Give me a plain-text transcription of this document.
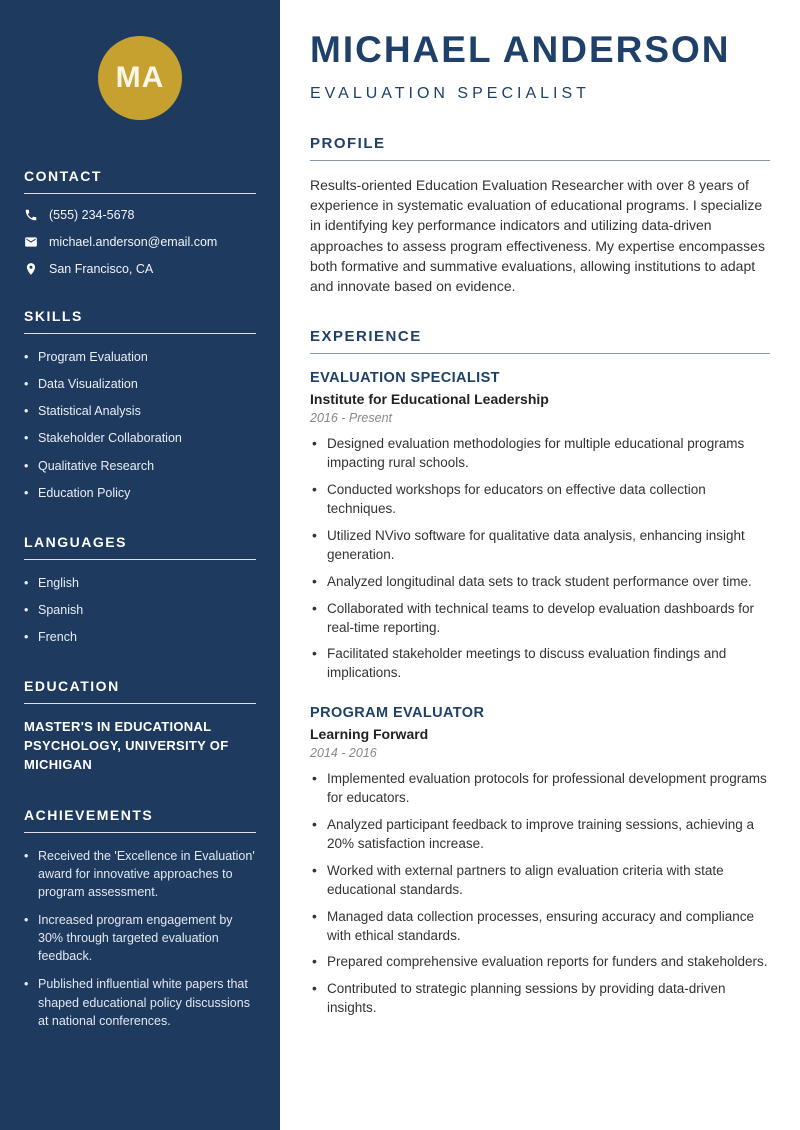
MA
CONTACT
(555) 234-5678
michael.anderson@email.com
San Francisco, CA
SKILLS
• Program Evaluation
• Data Visualization
• Statistical Analysis
• Stakeholder Collaboration
• Qualitative Research
• Education Policy
LANGUAGES
• English
• Spanish
• French
EDUCATION
MASTER'S IN EDUCATIONAL PSYCHOLOGY, UNIVERSITY OF MICHIGAN
ACHIEVEMENTS
• Received the 'Excellence in Evaluation' award for innovative approaches to program assessment.
• Increased program engagement by 30% through targeted evaluation feedback.
• Published influential white papers that shaped educational policy discussions at national conferences.
MICHAEL ANDERSON
EVALUATION SPECIALIST
PROFILE

Results-oriented Education Evaluation Researcher with over 8 years of experience in systematic evaluation of educational programs. I specialize in identifying key performance indicators and utilizing data-driven approaches to assess program effectiveness. My expertise encompasses both formative and summative evaluations, allowing institutions to adapt and innovate based on evidence.

EXPERIENCE
EVALUATION SPECIALIST
Institute for Educational Leadership
2016 - Present
• Designed evaluation methodologies for multiple educational programs impacting rural schools.
• Conducted workshops for educators on effective data collection techniques.
• Utilized NVivo software for qualitative data analysis, enhancing insight generation.
• Analyzed longitudinal data sets to track student performance over time.
• Collaborated with technical teams to develop evaluation dashboards for real-time reporting.
• Facilitated stakeholder meetings to discuss evaluation findings and implications.
PROGRAM EVALUATOR
Learning Forward
2014 - 2016
• Implemented evaluation protocols for professional development programs for educators.
• Analyzed participant feedback to improve training sessions, achieving a 20% satisfaction increase.
• Worked with external partners to align evaluation criteria with state educational standards.
• Managed data collection processes, ensuring accuracy and compliance with ethical standards.
• Prepared comprehensive evaluation reports for funders and stakeholders.
• Contributed to strategic planning sessions by providing data-driven insights.
